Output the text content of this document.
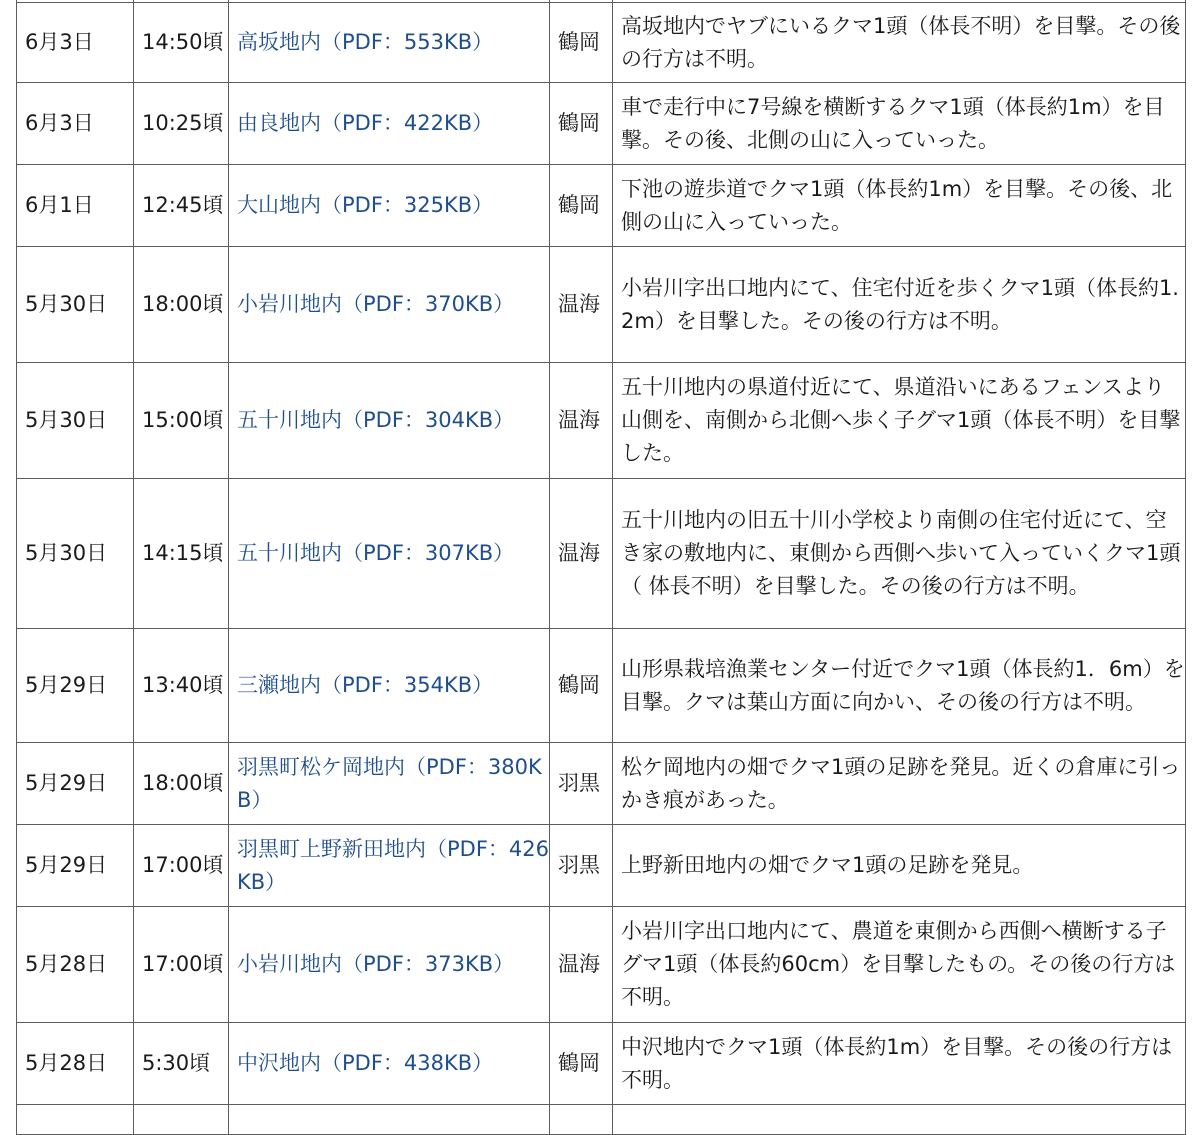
6月3日	14:50頃	高坂地内（PDF：553KB）	鶴岡	高坂地内でヤブにいるクマ1頭（体長不明）を目撃。その後の行方は不明。
6月3日	10:25頃	由良地内（PDF：422KB）	鶴岡	車で走行中に7号線を横断するクマ1頭（体長約1m）を目撃。その後、北側の山に入っていった。
6月1日	12:45頃	大山地内（PDF：325KB）	鶴岡	下池の遊歩道でクマ1頭（体長約1m）を目撃。その後、北側の山に入っていった。
5月30日	18:00頃	小岩川地内（PDF：370KB）	温海	小岩川字出口地内にて、住宅付近を歩くクマ1頭（体長約1.2m）を目撃した。その後の行方は不明。
5月30日	15:00頃	五十川地内（PDF：304KB）	温海	五十川地内の県道付近にて、県道沿いにあるフェンスより 山側を、南側から北側へ歩く子グマ1頭（体長不明）を目撃した。
5月30日	14:15頃	五十川地内（PDF：307KB）	温海	五十川地内の旧五十川小学校より南側の住宅付近にて、空き家の敷地内に、東側から西側へ歩いて入っていくクマ1頭（ 体長不明）を目撃した。その後の行方は不明。
5月29日	13:40頃	三瀬地内（PDF：354KB）	鶴岡	山形県栽培漁業センター付近でクマ1頭（体長約1．6m）を目撃。クマは葉山方面に向かい、その後の行方は不明。
5月29日	18:00頃	羽黒町松ケ岡地内（PDF：380KB）	羽黒	松ケ岡地内の畑でクマ1頭の足跡を発見。近くの倉庫に引っかき痕があった。
5月29日	17:00頃	羽黒町上野新田地内（PDF：426KB）	羽黒	上野新田地内の畑でクマ1頭の足跡を発見。
5月28日	17:00頃	小岩川地内（PDF：373KB）	温海	小岩川字出口地内にて、農道を東側から西側へ横断する子グマ1頭（体長約60cm）を目撃したもの。その後の行方は不明。
5月28日	5:30頃	中沢地内（PDF：438KB）	鶴岡	中沢地内でクマ1頭（体長約1m）を目撃。その後の行方は不明。
